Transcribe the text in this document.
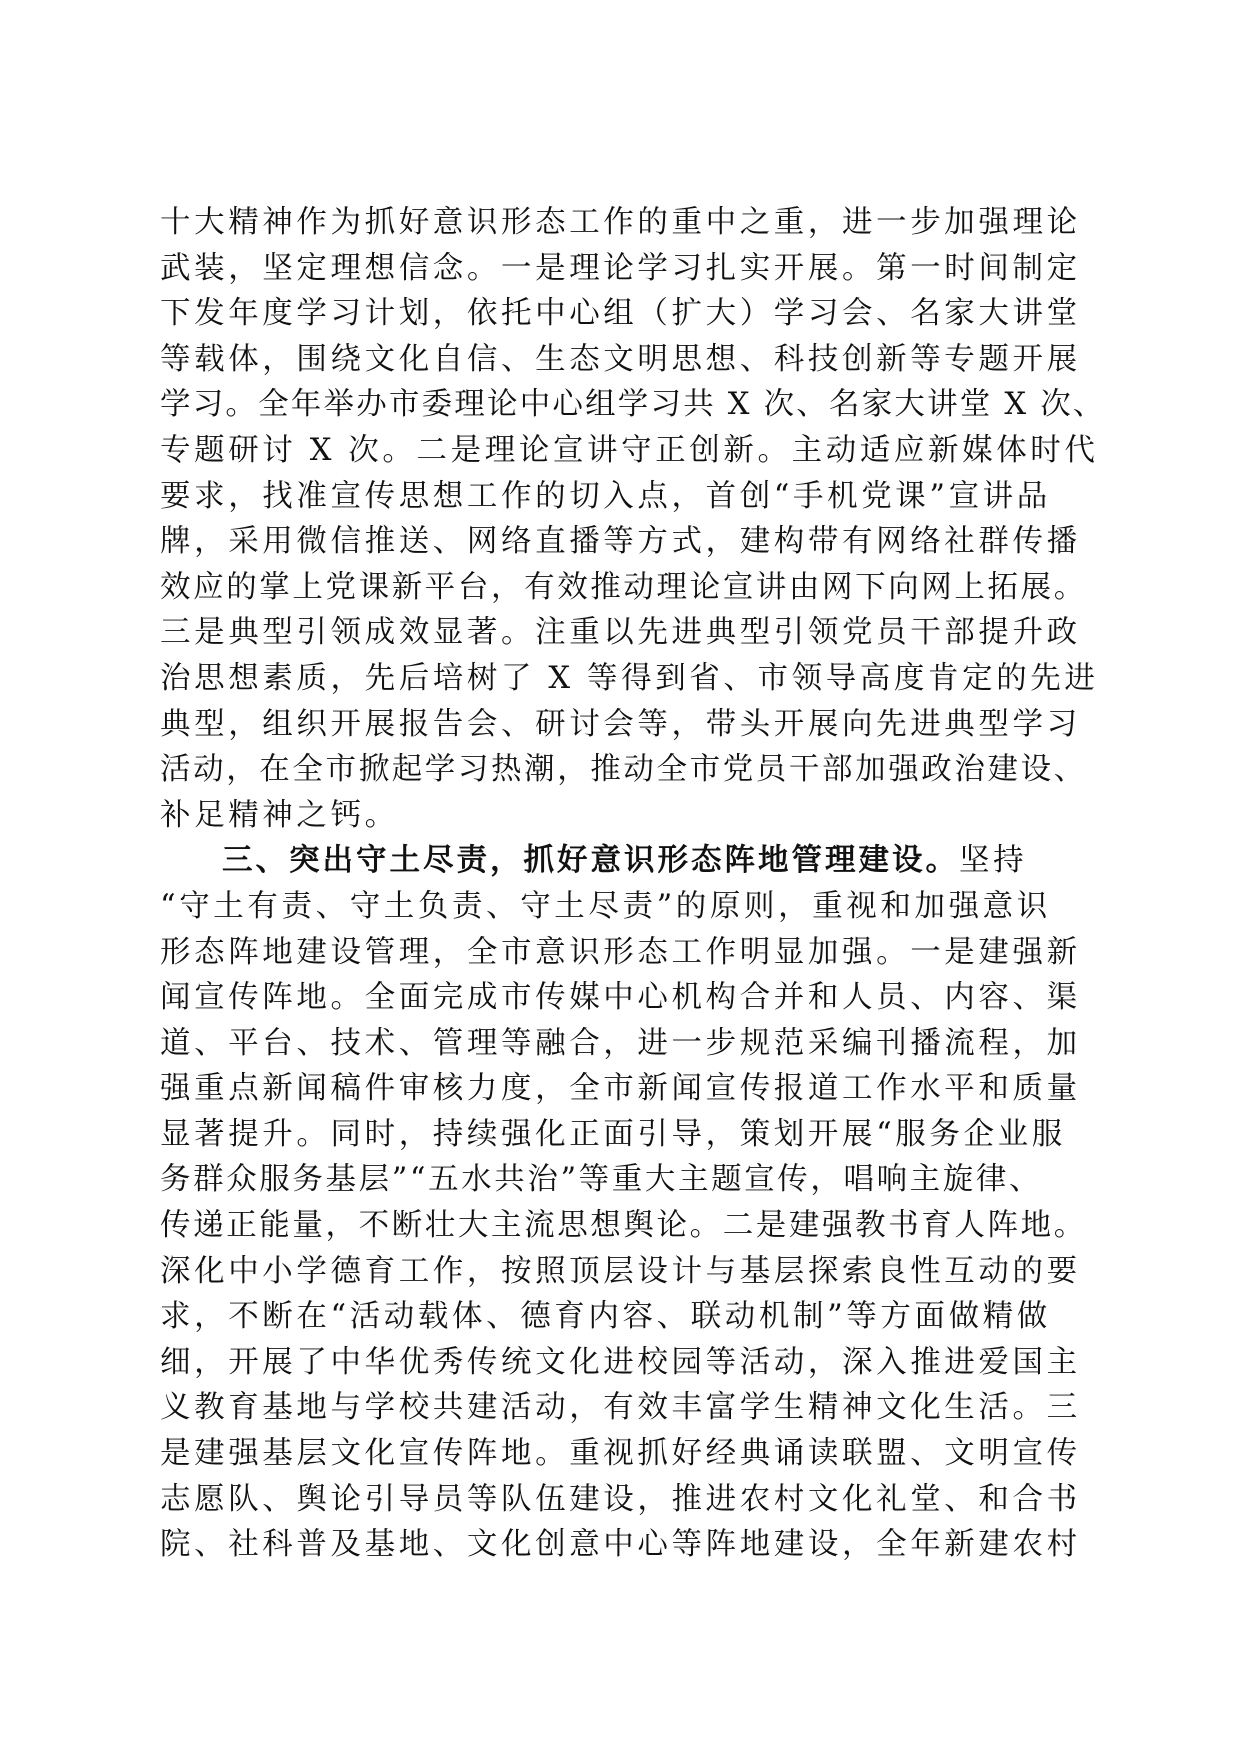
十大精神作为抓好意识形态工作的重中之重，进一步加强理论
武装，坚定理想信念。一是理论学习扎实开展。第一时间制定
下发年度学习计划，依托中心组（扩大）学习会、名家大讲堂
等载体，围绕文化自信、生态文明思想、科技创新等专题开展
学习。全年举办市委理论中心组学习共 X 次、名家大讲堂 X 次、
专题研讨 X 次。二是理论宣讲守正创新。主动适应新媒体时代
要求，找准宣传思想工作的切入点，首创“手机党课”宣讲品
牌，采用微信推送、网络直播等方式，建构带有网络社群传播
效应的掌上党课新平台，有效推动理论宣讲由网下向网上拓展。
三是典型引领成效显著。注重以先进典型引领党员干部提升政
治思想素质，先后培树了 X 等得到省、市领导高度肯定的先进
典型，组织开展报告会、研讨会等，带头开展向先进典型学习
活动，在全市掀起学习热潮，推动全市党员干部加强政治建设、
补足精神之钙。
三、突出守土尽责，抓好意识形态阵地管理建设。坚持
“守土有责、守土负责、守土尽责”的原则，重视和加强意识
形态阵地建设管理，全市意识形态工作明显加强。一是建强新
闻宣传阵地。全面完成市传媒中心机构合并和人员、内容、渠
道、平台、技术、管理等融合，进一步规范采编刊播流程，加
强重点新闻稿件审核力度，全市新闻宣传报道工作水平和质量
显著提升。同时，持续强化正面引导，策划开展“服务企业服
务群众服务基层”“五水共治”等重大主题宣传，唱响主旋律、
传递正能量，不断壮大主流思想舆论。二是建强教书育人阵地。
深化中小学德育工作，按照顶层设计与基层探索良性互动的要
求，不断在“活动载体、德育内容、联动机制”等方面做精做
细，开展了中华优秀传统文化进校园等活动，深入推进爱国主
义教育基地与学校共建活动，有效丰富学生精神文化生活。三
是建强基层文化宣传阵地。重视抓好经典诵读联盟、文明宣传
志愿队、舆论引导员等队伍建设，推进农村文化礼堂、和合书
院、社科普及基地、文化创意中心等阵地建设，全年新建农村
